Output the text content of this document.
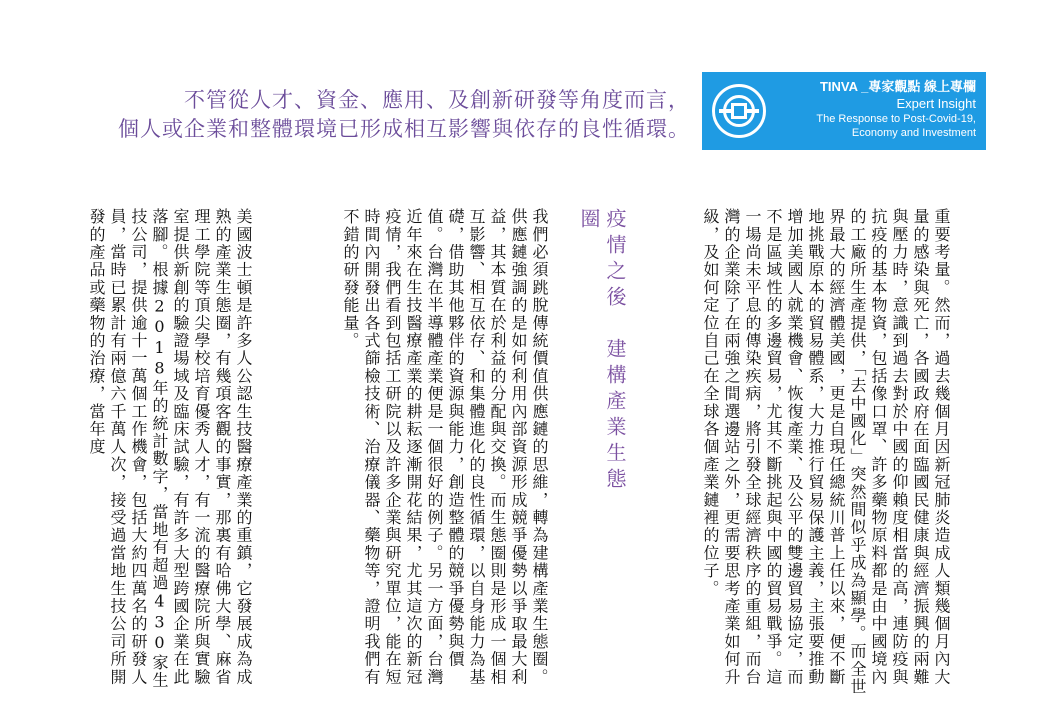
不管從人才、資金、應用、及創新研發等角度而言，
個人或企業和整體環境已形成相互影響與依存的良性循環。
TINVA _專家觀點 線上專欄
Expert Insight
The Response to Post-Covid-19,
Economy and Investment
重要考量。然而，過去幾個月因新冠肺炎造成人類幾個月內大量的感染與死亡，各國政府在面臨國民健康與經濟振興的兩難與壓力時，意識到過去對於中國的仰賴度相當的高，連防疫與抗疫的基本物資，包括像口罩、許多藥物原料都是由中國境內的工廠所生產提供，「去中國化」突然間似乎成為顯學。而全世界最大的經濟體美國，更是自現任總統川普上任以來，便不斷地挑戰原本的貿易體系，大力推行貿易保護主義，主張要推動增加美國人就業機會、恢復產業、及公平的雙邊貿易協定，而不是區域性的多邊貿易，尤其不斷挑起與中國的貿易戰爭。這一場尚未平息的傳染疾病，將引發全球經濟秩序的重組，而台灣的企業除了在兩強之間選邊站之外，更需要思考產業如何升級，及如何定位自己在全球各個產業鏈裡的位子。
疫情之後　建構產業生態圈
我們必須跳脫傳統價值供應鏈的思維，轉為建構產業生態圈。供應鏈強調的是如何利用內部資源形成競爭優勢以爭取最大利益，其本質在於利益的分配與交換。而生態圈則是形成一個相互影響、相互依存、和集體進化的良性循環，以自身能力為基礎，借助其他夥伴的資源與能力，創造整體的競爭優勢與價值。台灣在半導體產業便是一個很好的例子。另一方面，台灣近年來在生技醫療產業的耕耘逐漸開花結果，尤其這次的新冠疫情，我們看到包括工研院以及許多企業與研究單位，能在短時間內開發出各式篩檢技術、治療儀器、藥物等，證明我們有不錯的研發能量。
美國波士頓是許多人公認生技醫療產業的重鎮，它發展成為成熟的產業生態圈，有幾項客觀的事實，那裏有哈佛大學、麻省理工學院等頂尖學校培育優秀人才，有一流的醫療院所與實驗室提供新創的驗證場域及臨床試驗，有許多大型跨國企業在此落腳。根據2018年的統計數字，當地有超過430家生技公司，提供逾十一萬個工作機會，包括大約四萬名的研發人員，當時已累計有兩億六千萬人次，接受過當地生技公司所開發的產品或藥物的治療，當年度
